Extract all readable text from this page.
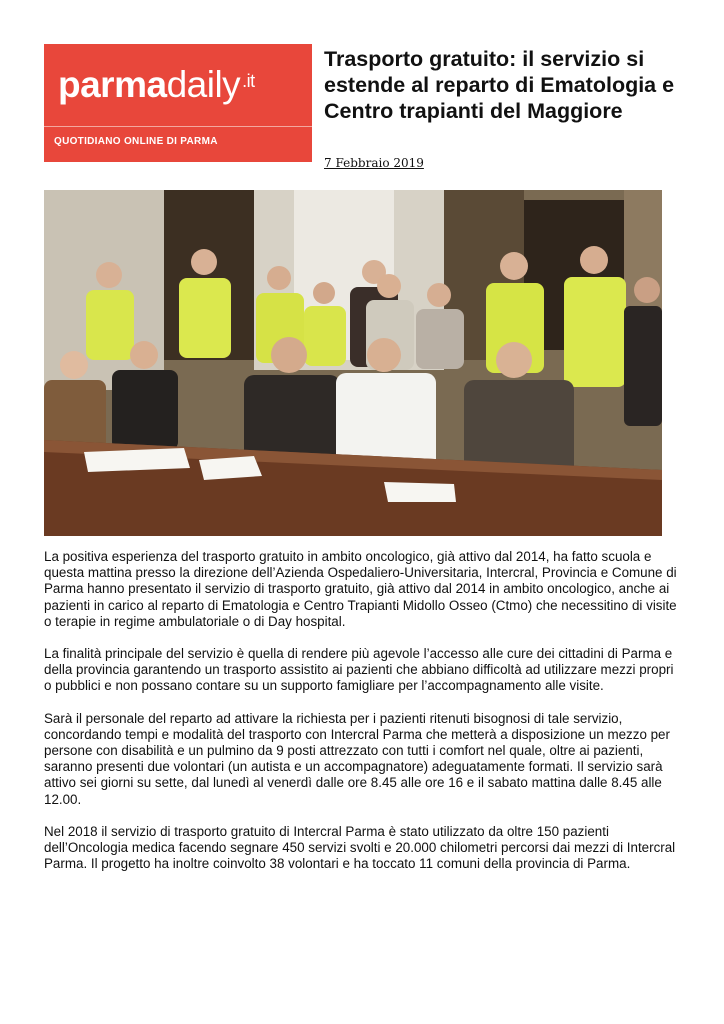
parmadaily $^{.it}$
QUOTIDIANO ONLINE DI PARMA
Trasporto gratuito: il servizio si estende al reparto di Ematologia e Centro trapianti del Maggiore
7 Febbraio 2019

La positiva esperienza del trasporto gratuito in ambito oncologico, già attivo dal 2014, ha fatto scuola e questa mattina presso la direzione dell’Azienda Ospedaliero-Universitaria, Intercral, Provincia e Comune di Parma hanno presentato il servizio di trasporto gratuito, già attivo dal 2014 in ambito oncologico, anche ai pazienti in carico al reparto di Ematologia e Centro Trapianti Midollo Osseo (Ctmo) che necessitino di visite o terapie in regime ambulatoriale o di Day hospital.

La finalità principale del servizio è quella di rendere più agevole l’accesso alle cure dei cittadini di Parma e della provincia garantendo un trasporto assistito ai pazienti che abbiano difficoltà ad utilizzare mezzi propri o pubblici e non possano contare su un supporto famigliare per l’accompagnamento alle visite.

Sarà il personale del reparto ad attivare la richiesta per i pazienti ritenuti bisognosi di tale servizio, concordando tempi e modalità del trasporto con Intercral Parma che metterà a disposizione un mezzo per persone con disabilità e un pulmino da 9 posti attrezzato con tutti i comfort nel quale, oltre ai pazienti, saranno presenti due volontari (un autista e un accompagnatore) adeguatamente formati. Il servizio sarà attivo sei giorni su sette, dal lunedì al venerdì dalle ore 8.45 alle ore 16 e il sabato mattina dalle 8.45 alle 12.00.

Nel 2018 il servizio di trasporto gratuito di Intercral Parma è stato utilizzato da oltre 150 pazienti dell’Oncologia medica facendo segnare 450 servizi svolti e 20.000 chilometri percorsi dai mezzi di Intercral Parma. Il progetto ha inoltre coinvolto 38 volontari e ha toccato 11 comuni della provincia di Parma.
